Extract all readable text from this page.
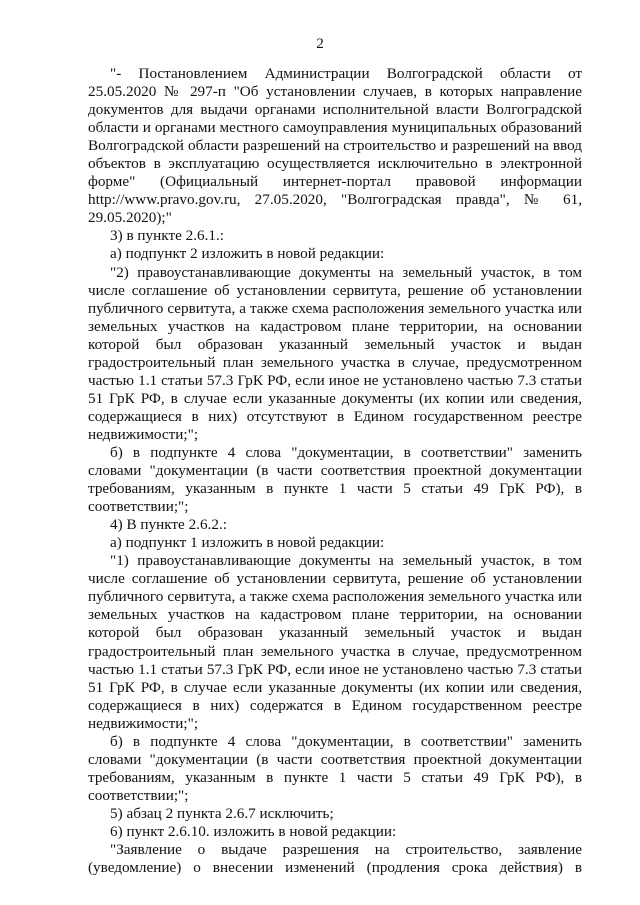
2
"- Постановлением Администрации Волгоградской области от
25.05.2020 № 297-п "Об установлении случаев, в которых направление
документов для выдачи органами исполнительной власти Волгоградской
области и органами местного самоуправления муниципальных образований
Волгоградской области разрешений на строительство и разрешений на ввод
объектов в эксплуатацию осуществляется исключительно в электронной
форме" (Официальный интернет-портал правовой информации
http://www.pravo.gov.ru, 27.05.2020, "Волгоградская правда", № 61,
29.05.2020);"
3) в пункте 2.6.1.:
а) подпункт 2 изложить в новой редакции:
"2) правоустанавливающие документы на земельный участок, в том
числе соглашение об установлении сервитута, решение об установлении
публичного сервитута, а также схема расположения земельного участка или
земельных участков на кадастровом плане территории, на основании
которой был образован указанный земельный участок и выдан
градостроительный план земельного участка в случае, предусмотренном
частью 1.1 статьи 57.3 ГрК РФ, если иное не установлено частью 7.3 статьи
51 ГрК РФ, в случае если указанные документы (их копии или сведения,
содержащиеся в них) отсутствуют в Едином государственном реестре
недвижимости;";
б) в подпункте 4 слова "документации, в соответствии" заменить
словами "документации (в части соответствия проектной документации
требованиям, указанным в пункте 1 части 5 статьи 49 ГрК РФ), в
соответствии;";
4) В пункте 2.6.2.:
а) подпункт 1 изложить в новой редакции:
"1) правоустанавливающие документы на земельный участок, в том
числе соглашение об установлении сервитута, решение об установлении
публичного сервитута, а также схема расположения земельного участка или
земельных участков на кадастровом плане территории, на основании
которой был образован указанный земельный участок и выдан
градостроительный план земельного участка в случае, предусмотренном
частью 1.1 статьи 57.3 ГрК РФ, если иное не установлено частью 7.3 статьи
51 ГрК РФ, в случае если указанные документы (их копии или сведения,
содержащиеся в них) содержатся в Едином государственном реестре
недвижимости;";
б) в подпункте 4 слова "документации, в соответствии" заменить
словами "документации (в части соответствия проектной документации
требованиям, указанным в пункте 1 части 5 статьи 49 ГрК РФ), в
соответствии;";
5) абзац 2 пункта 2.6.7 исключить;
6) пункт 2.6.10. изложить в новой редакции:
"Заявление о выдаче разрешения на строительство, заявление
(уведомление) о внесении изменений (продления срока действия) в
